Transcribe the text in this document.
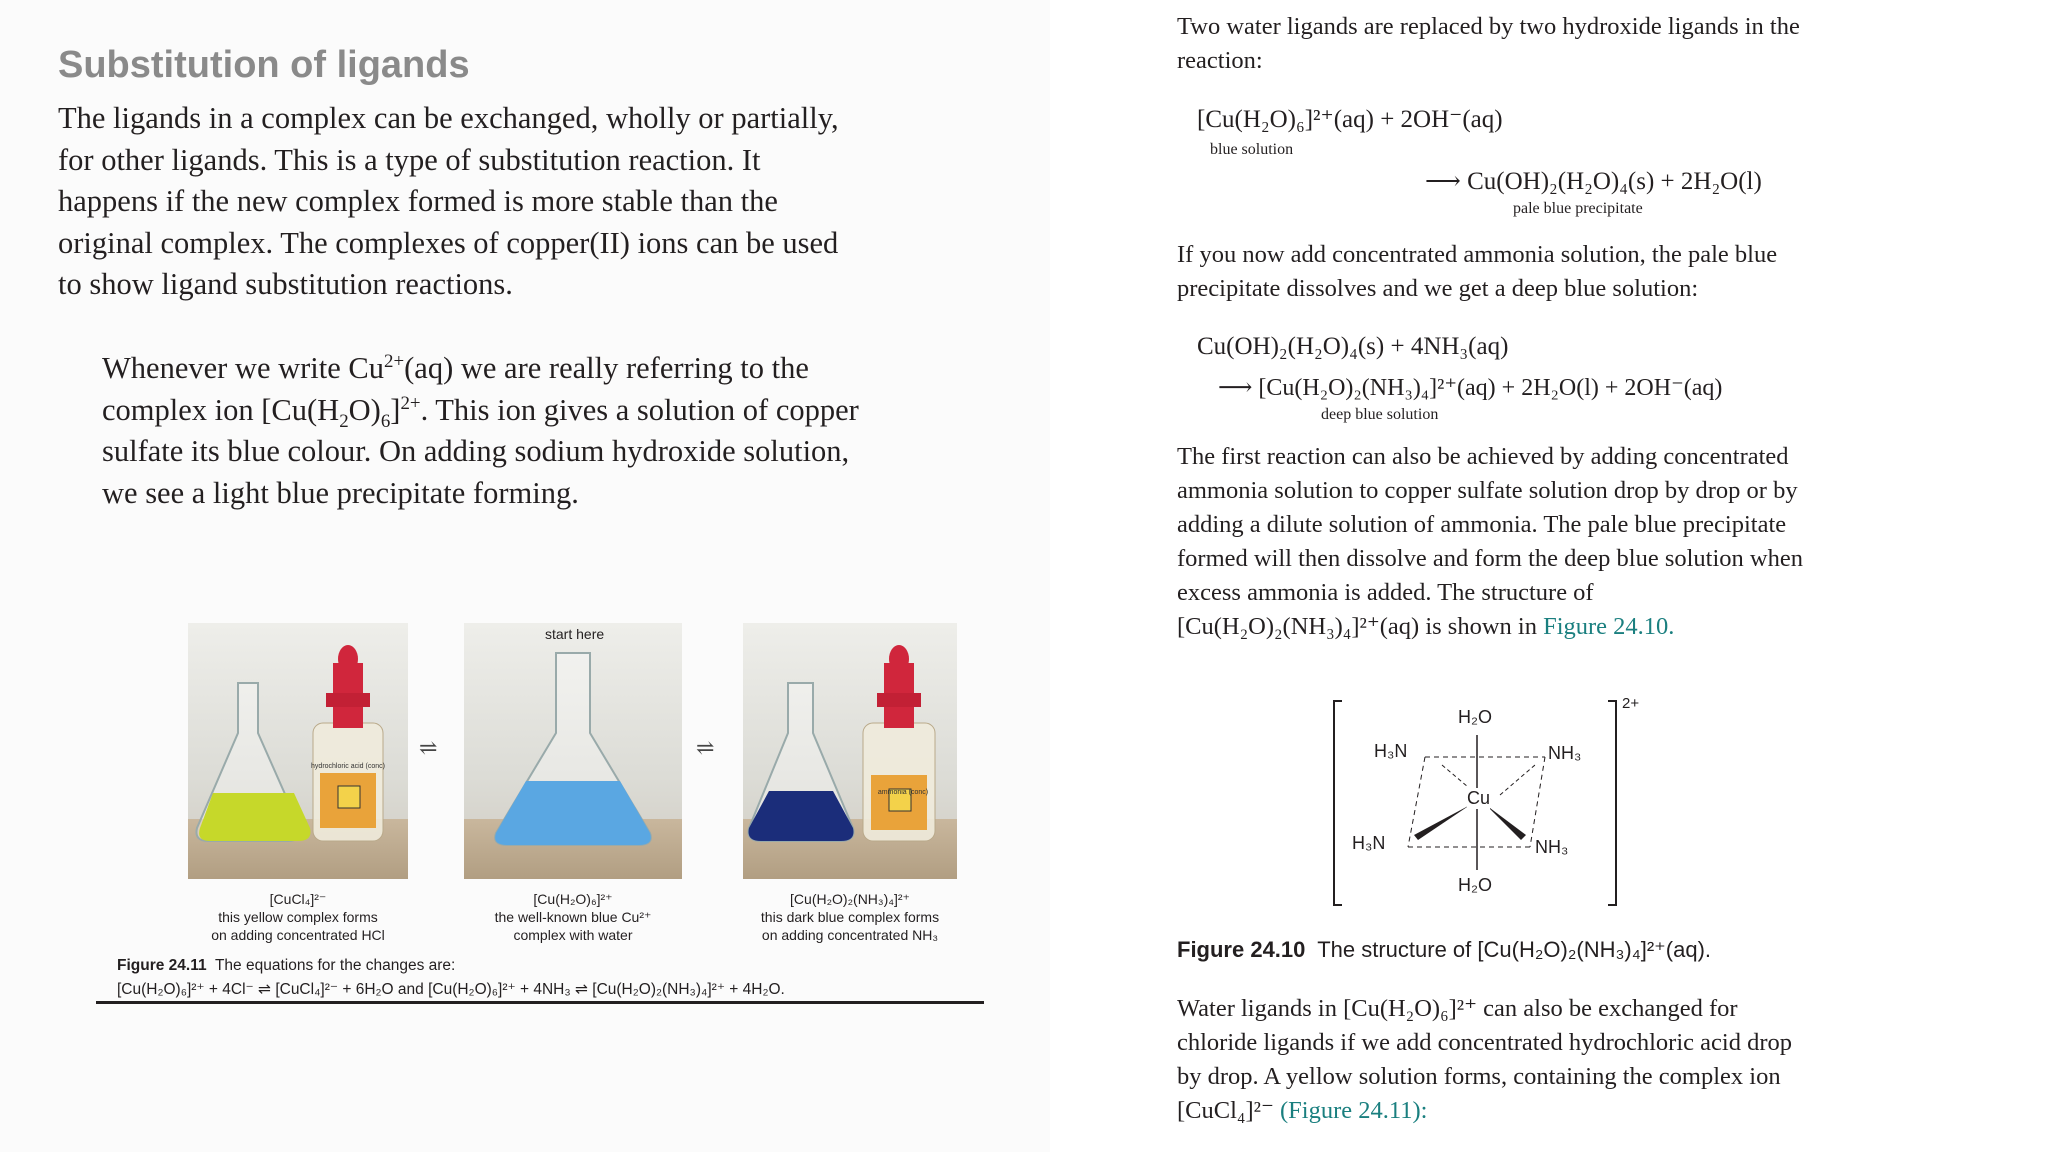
Substitution of ligands
The ligands in a complex can be exchanged, wholly or partially, for other ligands. This is a type of substitution reaction. It happens if the new complex formed is more stable than the original complex. The complexes of copper(II) ions can be used to show ligand substitution reactions.
Whenever we write $Cu^{2+}(aq)$ we are really referring to the complex ion $[Cu(H_2O)_6]^{2+}$. This ion gives a solution of copper sulfate its blue colour. On adding sodium hydroxide solution, we see a light blue precipitate forming.
hydrochloric acid (conc)
ammonia (conc)
start here
⇌	⇌
[CuCl₄]²⁻
this yellow complex forms
on adding concentrated HCl
[Cu(H₂O)₆]²⁺
the well-known blue Cu²⁺
complex with water
[Cu(H₂O)₂(NH₃)₄]²⁺
this dark blue complex forms
on adding concentrated NH₃
Figure 24.11 The equations for the changes are:
[Cu(H₂O)₆]²⁺ + 4Cl⁻ ⇌ [CuCl₄]²⁻ + 6H₂O and [Cu(H₂O)₆]²⁺ + 4NH₃ ⇌ [Cu(H₂O)₂(NH₃)₄]²⁺ + 4H₂O.
Two water ligands are replaced by two hydroxide ligands in the reaction:
[Cu(H₂O)₆]²⁺(aq) + 2OH⁻(aq)
blue solution
⟶ Cu(OH)₂(H₂O)₄(s) + 2H₂O(l)
pale blue precipitate
If you now add concentrated ammonia solution, the pale blue precipitate dissolves and we get a deep blue solution:
Cu(OH)₂(H₂O)₄(s) + 4NH₃(aq)
⟶ [Cu(H₂O)₂(NH₃)₄]²⁺(aq) + 2H₂O(l) + 2OH⁻(aq)
deep blue solution
The first reaction can also be achieved by adding concentrated ammonia solution to copper sulfate solution drop by drop or by adding a dilute solution of ammonia. The pale blue precipitate formed will then dissolve and form the deep blue solution when excess ammonia is added. The structure of [Cu(H₂O)₂(NH₃)₄]²⁺(aq) is shown in Figure 24.10.
H₂O
H₂O
Cu
H₃N	NH₃
H₃N	NH₃
2+
Figure 24.10 The structure of [Cu(H₂O)₂(NH₃)₄]²⁺(aq).
Water ligands in [Cu(H₂O)₆]²⁺ can also be exchanged for chloride ligands if we add concentrated hydrochloric acid drop by drop. A yellow solution forms, containing the complex ion [CuCl₄]²⁻ (Figure 24.11):
